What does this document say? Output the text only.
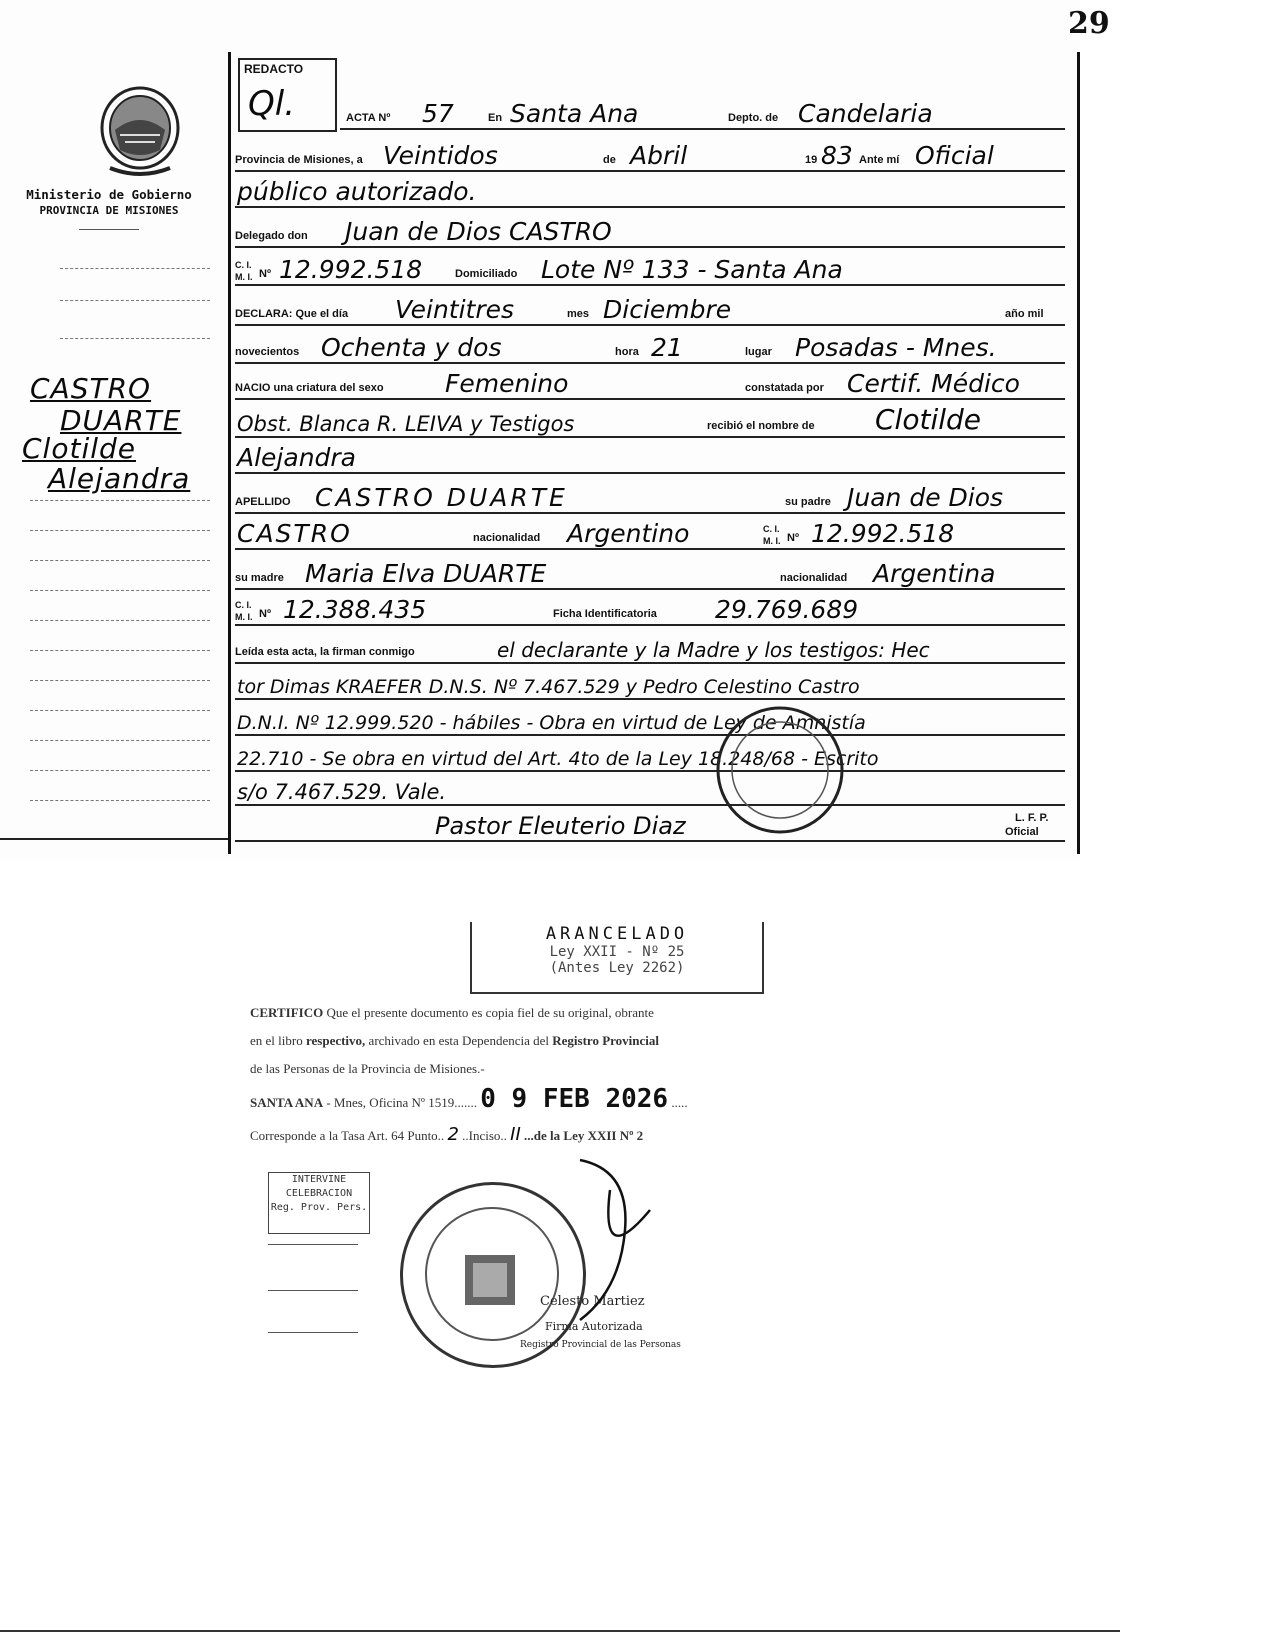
29
Ministerio de Gobierno
PROVINCIA DE MISIONES
CASTRO
DUARTE
Clotilde
Alejandra
REDACTO
Ql.	ACTA Nº 57	En Santa Ana	Depto. de Candelaria
Provincia de Misiones, a Veintidos	de Abril	19 83 Ante mí Oficial
público autorizado.
Delegado don Juan de Dios CASTRO
C. I.
M. I. Nº 12.992.518	Domiciliado Lote Nº 133 - Santa Ana
DECLARA: Que el día Veintitres	mes Diciembre	año mil
novecientos Ochenta y dos	hora 21	lugar Posadas - Mnes.
NACIO una criatura del sexo Femenino	constatada por Certif. Médico
Obst. Blanca R. LEIVA y Testigos	recibió el nombre de Clotilde
Alejandra
APELLIDO CASTRO DUARTE	su padre Juan de Dios
CASTRO	nacionalidad Argentino	C. I.
M. I. Nº 12.992.518
su madre Maria Elva DUARTE	nacionalidad Argentina
C. I.
M. I. Nº 12.388.435	Ficha Identificatoria 29.769.689
Leída esta acta, la firman conmigo	el declarante y la Madre y los testigos: Hec
tor Dimas KRAEFER D.N.S. Nº 7.467.529 y Pedro Celestino Castro
D.N.I. Nº 12.999.520 - hábiles - Obra en virtud de Ley de Amnistía
22.710 - Se obra en virtud del Art. 4to de la Ley 18.248/68 - Escrito
s/o 7.467.529. Vale.
Pastor Eleuterio Diaz	L. F. P.
Oficial
ARANCELADO
Ley XXII - Nº 25
(Antes Ley 2262)
CERTIFICO Que el presente documento es copia fiel de su original, obrante
en el libro respectivo, archivado en esta Dependencia del Registro Provincial
de las Personas de la Provincia de Misiones.-
SANTA ANA - Mnes, Oficina Nº 1519....... 0 9 FEB 2026 .....
Corresponde a la Tasa Art. 64 Punto.. 2 ..Inciso.. II ...de la Ley XXII Nº 2
INTERVINE
CELEBRACION
Reg. Prov. Pers.
Celesto Martiez
Firma Autorizada
Registro Provincial de las Personas
